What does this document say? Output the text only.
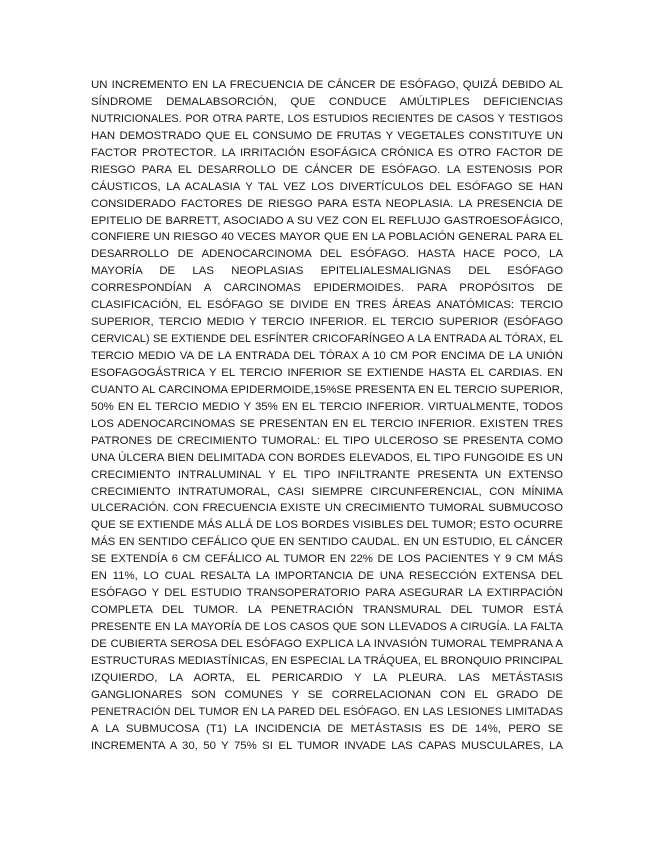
UN INCREMENTO EN LA FRECUENCIA DE CÁNCER DE ESÓFAGO, QUIZÁ DEBIDO AL
SÍNDROME DEMALABSORCIÓN, QUE CONDUCE AMÚLTIPLES DEFICIENCIAS
NUTRICIONALES. POR OTRA PARTE, LOS ESTUDIOS RECIENTES DE CASOS Y TESTIGOS
HAN DEMOSTRADO QUE EL CONSUMO DE FRUTAS Y VEGETALES CONSTITUYE UN
FACTOR PROTECTOR. LA IRRITACIÓN ESOFÁGICA CRÓNICA ES OTRO FACTOR DE
RIESGO PARA EL DESARROLLO DE CÁNCER DE ESÓFAGO. LA ESTENOSIS POR
CÁUSTICOS, LA ACALASIA Y TAL VEZ LOS DIVERTÍCULOS DEL ESÓFAGO SE HAN
CONSIDERADO FACTORES DE RIESGO PARA ESTA NEOPLASIA. LA PRESENCIA DE
EPITELIO DE BARRETT, ASOCIADO A SU VEZ CON EL REFLUJO GASTROESOFÁGICO,
CONFIERE UN RIESGO 40 VECES MAYOR QUE EN LA POBLACIÓN GENERAL PARA EL
DESARROLLO DE ADENOCARCINOMA DEL ESÓFAGO. HASTA HACE POCO, LA
MAYORÍA DE LAS NEOPLASIAS EPITELIALESMALIGNAS DEL ESÓFAGO
CORRESPONDÍAN A CARCINOMAS EPIDERMOIDES. PARA PROPÓSITOS DE
CLASIFICACIÓN, EL ESÓFAGO SE DIVIDE EN TRES ÁREAS ANATÓMICAS: TERCIO
SUPERIOR, TERCIO MEDIO Y TERCIO INFERIOR. EL TERCIO SUPERIOR (ESÓFAGO
CERVICAL) SE EXTIENDE DEL ESFÍNTER CRICOFARÍNGEO A LA ENTRADA AL TÓRAX, EL
TERCIO MEDIO VA DE LA ENTRADA DEL TÓRAX A 10 CM POR ENCIMA DE LA UNIÓN
ESOFAGOGÁSTRICA Y EL TERCIO INFERIOR SE EXTIENDE HASTA EL CARDIAS. EN
CUANTO AL CARCINOMA EPIDERMOIDE,15%SE PRESENTA EN EL TERCIO SUPERIOR,
50% EN EL TERCIO MEDIO Y 35% EN EL TERCIO INFERIOR. VIRTUALMENTE, TODOS
LOS ADENOCARCINOMAS SE PRESENTAN EN EL TERCIO INFERIOR. EXISTEN TRES
PATRONES DE CRECIMIENTO TUMORAL: EL TIPO ULCEROSO SE PRESENTA COMO
UNA ÚLCERA BIEN DELIMITADA CON BORDES ELEVADOS, EL TIPO FUNGOIDE ES UN
CRECIMIENTO INTRALUMINAL Y EL TIPO INFILTRANTE PRESENTA UN EXTENSO
CRECIMIENTO INTRATUMORAL, CASI SIEMPRE CIRCUNFERENCIAL, CON MÍNIMA
ULCERACIÓN. CON FRECUENCIA EXISTE UN CRECIMIENTO TUMORAL SUBMUCOSO
QUE SE EXTIENDE MÁS ALLÁ DE LOS BORDES VISIBLES DEL TUMOR; ESTO OCURRE
MÁS EN SENTIDO CEFÁLICO QUE EN SENTIDO CAUDAL. EN UN ESTUDIO, EL CÁNCER
SE EXTENDÍA 6 CM CEFÁLICO AL TUMOR EN 22% DE LOS PACIENTES Y 9 CM MÁS
EN 11%, LO CUAL RESALTA LA IMPORTANCIA DE UNA RESECCIÓN EXTENSA DEL
ESÓFAGO Y DEL ESTUDIO TRANSOPERATORIO PARA ASEGURAR LA EXTIRPACIÓN
COMPLETA DEL TUMOR. LA PENETRACIÓN TRANSMURAL DEL TUMOR ESTÁ
PRESENTE EN LA MAYORÍA DE LOS CASOS QUE SON LLEVADOS A CIRUGÍA. LA FALTA
DE CUBIERTA SEROSA DEL ESÓFAGO EXPLICA LA INVASIÓN TUMORAL TEMPRANA A
ESTRUCTURAS MEDIASTÍNICAS, EN ESPECIAL LA TRÁQUEA, EL BRONQUIO PRINCIPAL
IZQUIERDO, LA AORTA, EL PERICARDIO Y LA PLEURA. LAS METÁSTASIS
GANGLIONARES SON COMUNES Y SE CORRELACIONAN CON EL GRADO DE
PENETRACIÓN DEL TUMOR EN LA PARED DEL ESÓFAGO. EN LAS LESIONES LIMITADAS
A LA SUBMUCOSA (T1) LA INCIDENCIA DE METÁSTASIS ES DE 14%, PERO SE
INCREMENTA A 30, 50 Y 75% SI EL TUMOR INVADE LAS CAPAS MUSCULARES, LA
